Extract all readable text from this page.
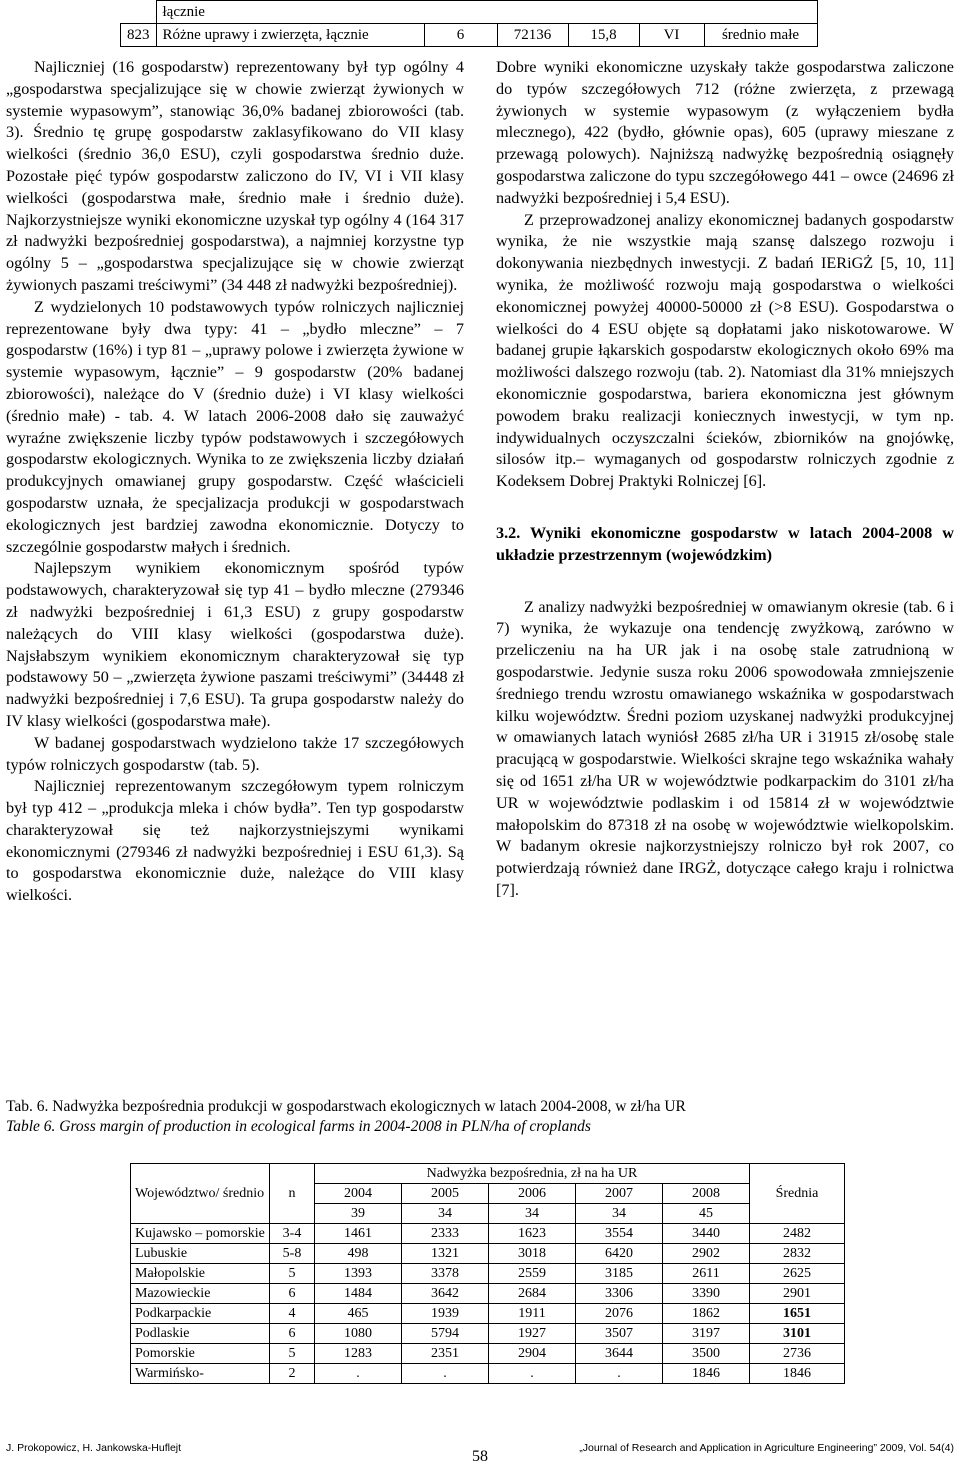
	łącznie					
823	Różne uprawy i zwierzęta, łącznie	6	72136	15,8	VI	średnio małe

Najliczniej (16 gospodarstw) reprezentowany był typ ogólny 4 „gospodarstwa specjalizujące się w chowie zwierząt żywionych w systemie wypasowym”, stanowiąc 36,0% badanej zbiorowości (tab. 3). Średnio tę grupę gospodarstw zaklasyfikowano do VII klasy wielkości (średnio 36,0 ESU), czyli gospodarstwa średnio duże. Pozostałe pięć typów gospodarstw zaliczono do IV, VI i VII klasy wielkości (gospodarstwa małe, średnio małe i średnio duże). Najkorzystniejsze wyniki ekonomiczne uzyskał typ ogólny 4 (164 317 zł nadwyżki bezpośredniej gospodarstwa), a najmniej korzystne typ ogólny 5 – „gospodarstwa specjalizujące się w chowie zwierząt żywionych paszami treściwymi” (34 448 zł nadwyżki bezpośredniej).

Z wydzielonych 10 podstawowych typów rolniczych najliczniej reprezentowane były dwa typy: 41 – „bydło mleczne” – 7 gospodarstw (16%) i typ 81 – „uprawy polowe i zwierzęta żywione w systemie wypasowym, łącznie” – 9 gospodarstw (20% badanej zbiorowości), należące do V (średnio duże) i VI klasy wielkości (średnio małe) - tab. 4. W latach 2006-2008 dało się zauważyć wyraźne zwiększenie liczby typów podstawowych i szczegółowych gospodarstw ekologicznych. Wynika to ze zwiększenia liczby działań produkcyjnych omawianej grupy gospodarstw. Część właścicieli gospodarstw uznała, że specjalizacja produkcji w gospodarstwach ekologicznych jest bardziej zawodna ekonomicznie. Dotyczy to szczególnie gospodarstw małych i średnich.

Najlepszym wynikiem ekonomicznym spośród typów podstawowych, charakteryzował się typ 41 – bydło mleczne (279346 zł nadwyżki bezpośredniej i 61,3 ESU) z grupy gospodarstw należących do VIII klasy wielkości (gospodarstwa duże). Najsłabszym wynikiem ekonomicznym charakteryzował się typ podstawowy 50 – „zwierzęta żywione paszami treściwymi” (34448 zł nadwyżki bezpośredniej i 7,6 ESU). Ta grupa gospodarstw należy do IV klasy wielkości (gospodarstwa małe).

W badanej gospodarstwach wydzielono także 17 szczegółowych typów rolniczych gospodarstw (tab. 5).

Najliczniej reprezentowanym szczegółowym typem rolniczym był typ 412 – „produkcja mleka i chów bydła”. Ten typ gospodarstw charakteryzował się też najkorzystniejszymi wynikami ekonomicznymi (279346 zł nadwyżki bezpośredniej i ESU 61,3). Są to gospodarstwa ekonomicznie duże, należące do VIII klasy wielkości.

Dobre wyniki ekonomiczne uzyskały także gospodarstwa zaliczone do typów szczegółowych 712 (różne zwierzęta, z przewagą żywionych w systemie wypasowym (z wyłączeniem bydła mlecznego), 422 (bydło, głównie opas), 605 (uprawy mieszane z przewagą polowych). Najniższą nadwyżkę bezpośrednią osiągnęły gospodarstwa zaliczone do typu szczegółowego 441 – owce (24696 zł nadwyżki bezpośredniej i 5,4 ESU).

Z przeprowadzonej analizy ekonomicznej badanych gospodarstw wynika, że nie wszystkie mają szansę dalszego rozwoju i dokonywania niezbędnych inwestycji. Z badań IERiGŻ [5, 10, 11] wynika, że możliwość rozwoju mają gospodarstwa o wielkości ekonomicznej powyżej 40000-50000 zł (>8 ESU). Gospodarstwa o wielkości do 4 ESU objęte są dopłatami jako niskotowarowe. W badanej grupie łąkarskich gospodarstw ekologicznych około 69% ma możliwości dalszego rozwoju (tab. 2). Natomiast dla 31% mniejszych ekonomicznie gospodarstwa, bariera ekonomiczna jest głównym powodem braku realizacji koniecznych inwestycji, w tym np. indywidualnych oczyszczalni ścieków, zbiorników na gnojówkę, silosów itp.– wymaganych od gospodarstw rolniczych zgodnie z Kodeksem Dobrej Praktyki Rolniczej [6].

3.2. Wyniki ekonomiczne gospodarstw w latach 2004-2008 w układzie przestrzennym (wojewódzkim)

Z analizy nadwyżki bezpośredniej w omawianym okresie (tab. 6 i 7) wynika, że wykazuje ona tendencję zwyżkową, zarówno w przeliczeniu na ha UR jak i na osobę stale zatrudnioną w gospodarstwie. Jedynie susza roku 2006 spowodowała zmniejszenie średniego trendu wzrostu omawianego wskaźnika w gospodarstwach kilku województw. Średni poziom uzyskanej nadwyżki produkcyjnej w omawianych latach wyniósł 2685 zł/ha UR i 31915 zł/osobę stale pracującą w gospodarstwie. Wielkości skrajne tego wskaźnika wahały się od 1651 zł/ha UR w województwie podkarpackim do 3101 zł/ha UR w województwie podlaskim i od 15814 zł w województwie małopolskim do 87318 zł na osobę w województwie wielkopolskim. W badanym okresie najkorzystniejszy rolniczo był rok 2007, co potwierdzają również dane IRGŻ, dotyczące całego kraju i rolnictwa [7].

Tab. 6. Nadwyżka bezpośrednia produkcji w gospodarstwach ekologicznych w latach 2004-2008, w zł/ha UR
Table 6. Gross margin of production in ecological farms in 2004-2008 in PLN/ha of croplands
Województwo/ średnio	n	Nadwyżka bezpośrednia, zł na ha UR					Średnia
		2004	2005	2006	2007	2008	
		39	34	34	34	45	
Kujawsko – pomorskie	3-4	1461	2333	1623	3554	3440	2482
Lubuskie	5-8	498	1321	3018	6420	2902	2832
Małopolskie	5	1393	3378	2559	3185	2611	2625
Mazowieckie	6	1484	3642	2684	3306	3390	2901
Podkarpackie	4	465	1939	1911	2076	1862	1651
Podlaskie	6	1080	5794	1927	3507	3197	3101
Pomorskie	5	1283	2351	2904	3644	3500	2736
Warmińsko-	2	.	.	.	.	1846	1846
J. Prokopowicz, H. Jankowska-Huflejt	58	„Journal of Research and Application in Agriculture Engineering” 2009, Vol. 54(4)
